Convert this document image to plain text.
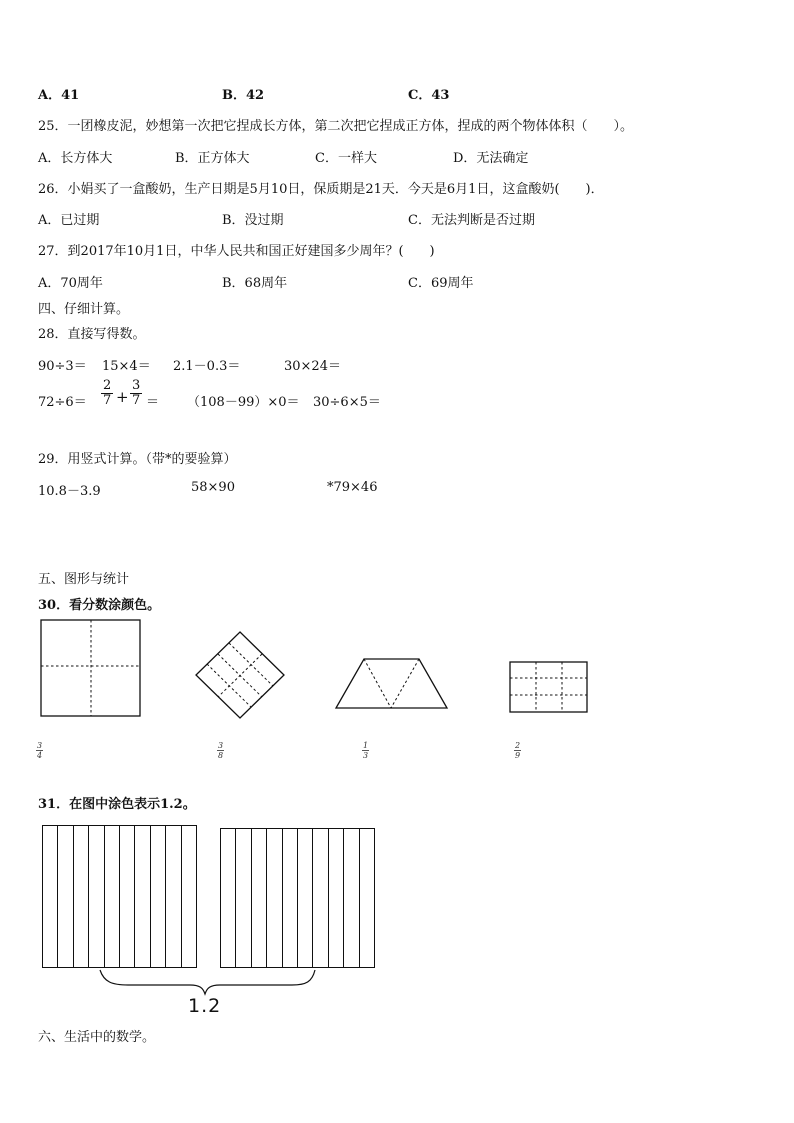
A．41	B．42	C．43
25．一团橡皮泥，妙想第一次把它捏成长方体，第二次把它捏成正方体，捏成的两个物体体积（　　）。
A．长方体大	B．正方体大	C．一样大	D．无法确定
26．小娟买了一盒酸奶，生产日期是5月10日，保质期是21天．今天是6月1日，这盒酸奶(　　)．
A．已过期	B．没过期	C．无法判断是否过期
27．到2017年10月1日，中华人民共和国正好建国多少周年？(　　)
A．70周年	B．68周年	C．69周年
四、仔细计算。
28．直接写得数。
90÷3＝ 15×4＝ 2.1－0.3＝	30×24＝
$72\div 6= \frac{2}{7} + \frac{3}{7} = (108-99)\times 0= 30\div 6\times 5=$
29．用竖式计算。（带*的要验算）
10.8－3.9	58×90	*79×46
五、图形与统计
30．看分数涂颜色。
$\frac{3}{4}$	$\frac{3}{8}$	$\frac{1}{3}$	$\frac{2}{9}$
31．在图中涂色表示1.2。
1.2
六、生活中的数学。
